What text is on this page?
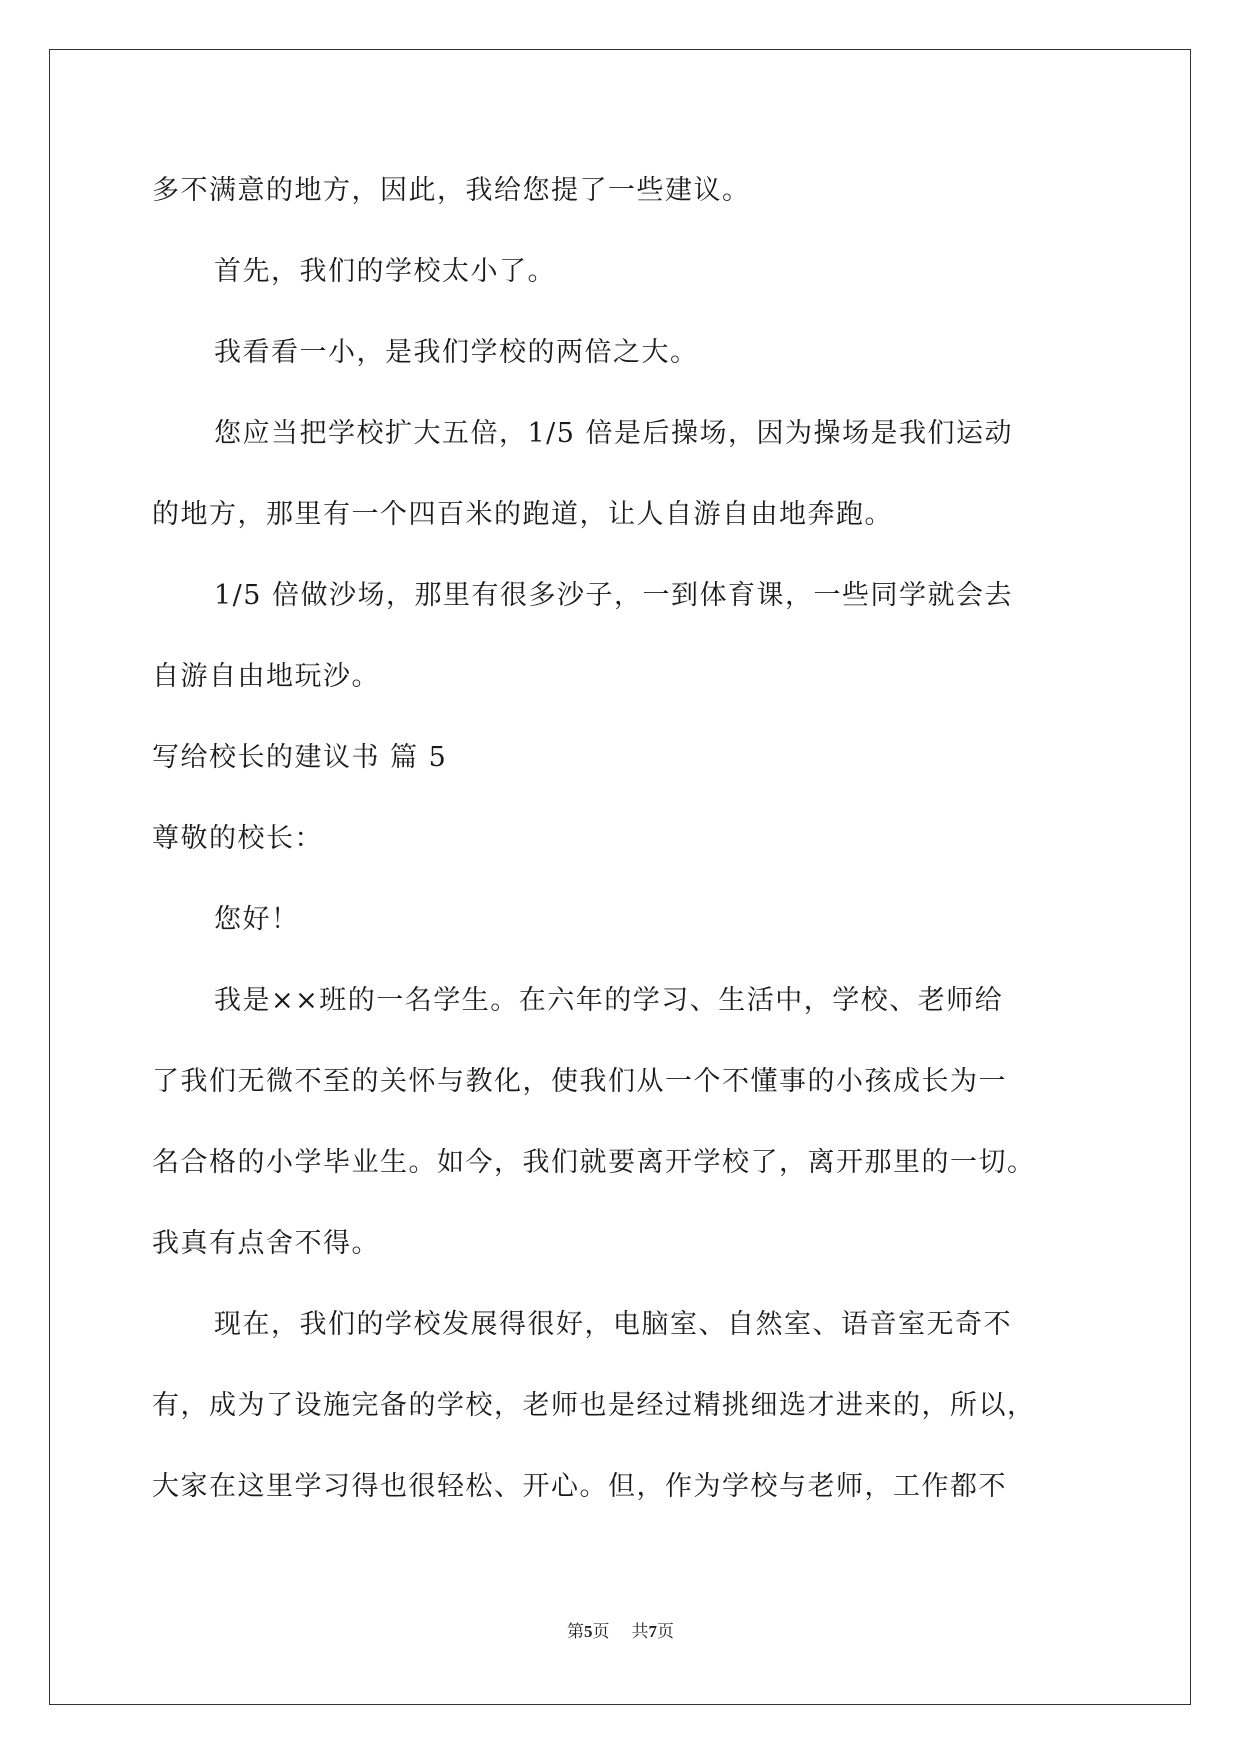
多不满意的地方，因此，我给您提了一些建议。
首先，我们的学校太小了。
我看看一小，是我们学校的两倍之大。
您应当把学校扩大五倍，1/5 倍是后操场，因为操场是我们运动
的地方，那里有一个四百米的跑道，让人自游自由地奔跑。
1/5 倍做沙场，那里有很多沙子，一到体育课，一些同学就会去
自游自由地玩沙。
写给校长的建议书 篇 5
尊敬的校长：
您好！
我是××班的一名学生。在六年的学习、生活中，学校、老师给
了我们无微不至的关怀与教化，使我们从一个不懂事的小孩成长为一
名合格的小学毕业生。如今，我们就要离开学校了，离开那里的一切。
我真有点舍不得。
现在，我们的学校发展得很好，电脑室、自然室、语音室无奇不
有，成为了设施完备的学校，老师也是经过精挑细选才进来的，所以，
大家在这里学习得也很轻松、开心。但，作为学校与老师，工作都不
第5页 共7页
